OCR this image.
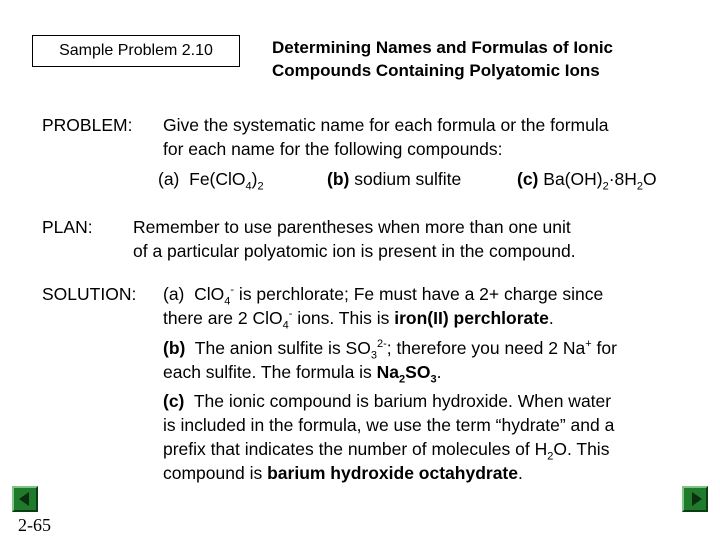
Sample Problem 2.10	Determining Names and Formulas of Ionic
Compounds Containing Polyatomic Ions
PROBLEM: Give the systematic name for each formula or the formula
for each name for the following compounds:
(a) $Fe(ClO_4)_2$	(b) sodium sulfite	(c) $Ba(OH)_2\cdot 8H_2O$
PLAN: Remember to use parentheses when more than one unit
of a particular polyatomic ion is present in the compound.
SOLUTION: (a) ClO$_4$- is perchlorate; Fe must have a 2+ charge since
there are 2 ClO$_4$- ions. This is iron(II) perchlorate.
(b) The anion sulfite is $SO_3^{2-}$; therefore you need 2 Na+ for
each sulfite. The formula is $Na_2SO_3$.
(c) The ionic compound is barium hydroxide. When water
is included in the formula, we use the term “hydrate” and a
prefix that indicates the number of molecules of $H_2O$. This
compound is barium hydroxide octahydrate.
2-65
